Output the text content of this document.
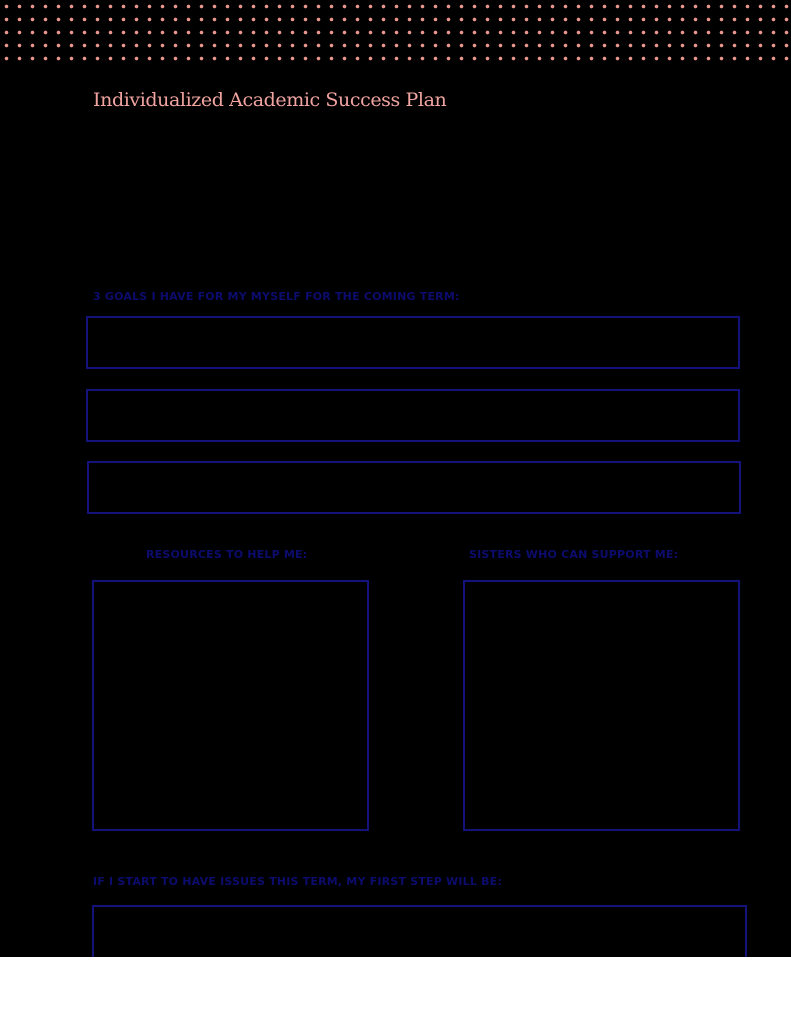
Individualized Academic Success Plan
3 GOALS I HAVE FOR MY MYSELF FOR THE COMING TERM:
RESOURCES TO HELP ME:	SISTERS WHO CAN SUPPORT ME:
IF I START TO HAVE ISSUES THIS TERM, MY FIRST STEP WILL BE:
